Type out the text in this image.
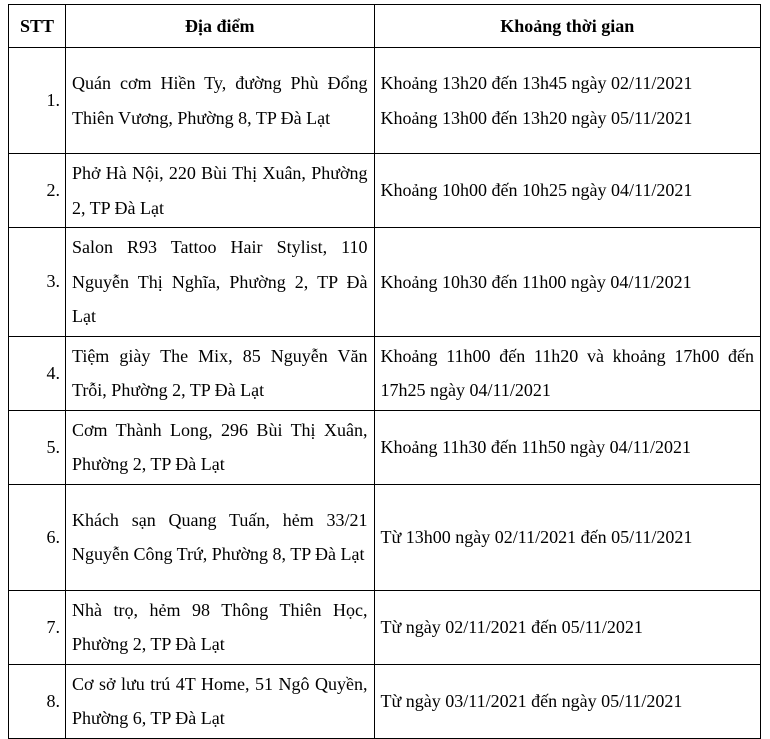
STT	Địa điểm	Khoảng thời gian
1.	Quán cơm Hiền Ty, đường Phù Đổng Thiên Vương, Phường 8, TP Đà Lạt	Khoảng 13h20 đến 13h45 ngày 02/11/2021
Khoảng 13h00 đến 13h20 ngày 05/11/2021

2.	Phở Hà Nội, 220 Bùi Thị Xuân, Phường 2, TP Đà Lạt	Khoảng 10h00 đến 10h25 ngày 04/11/2021

3.	Salon R93 Tattoo Hair Stylist, 110 Nguyễn Thị Nghĩa, Phường 2, TP Đà Lạt	Khoảng 10h30 đến 11h00 ngày 04/11/2021

4.	Tiệm giày The Mix, 85 Nguyễn Văn Trỗi, Phường 2, TP Đà Lạt	Khoảng 11h00 đến 11h20 và khoảng 17h00 đến 17h25 ngày 04/11/2021
5.	Cơm Thành Long, 296 Bùi Thị Xuân, Phường 2, TP Đà Lạt	Khoảng 11h30 đến 11h50 ngày 04/11/2021

6.	Khách sạn Quang Tuấn, hẻm 33/21 Nguyễn Công Trứ, Phường 8, TP Đà Lạt	Từ 13h00 ngày 02/11/2021 đến 05/11/2021

7.	Nhà trọ, hẻm 98 Thông Thiên Học, Phường 2, TP Đà Lạt	Từ ngày 02/11/2021 đến 05/11/2021

8.	Cơ sở lưu trú 4T Home, 51 Ngô Quyền, Phường 6, TP Đà Lạt	Từ ngày 03/11/2021 đến ngày 05/11/2021
